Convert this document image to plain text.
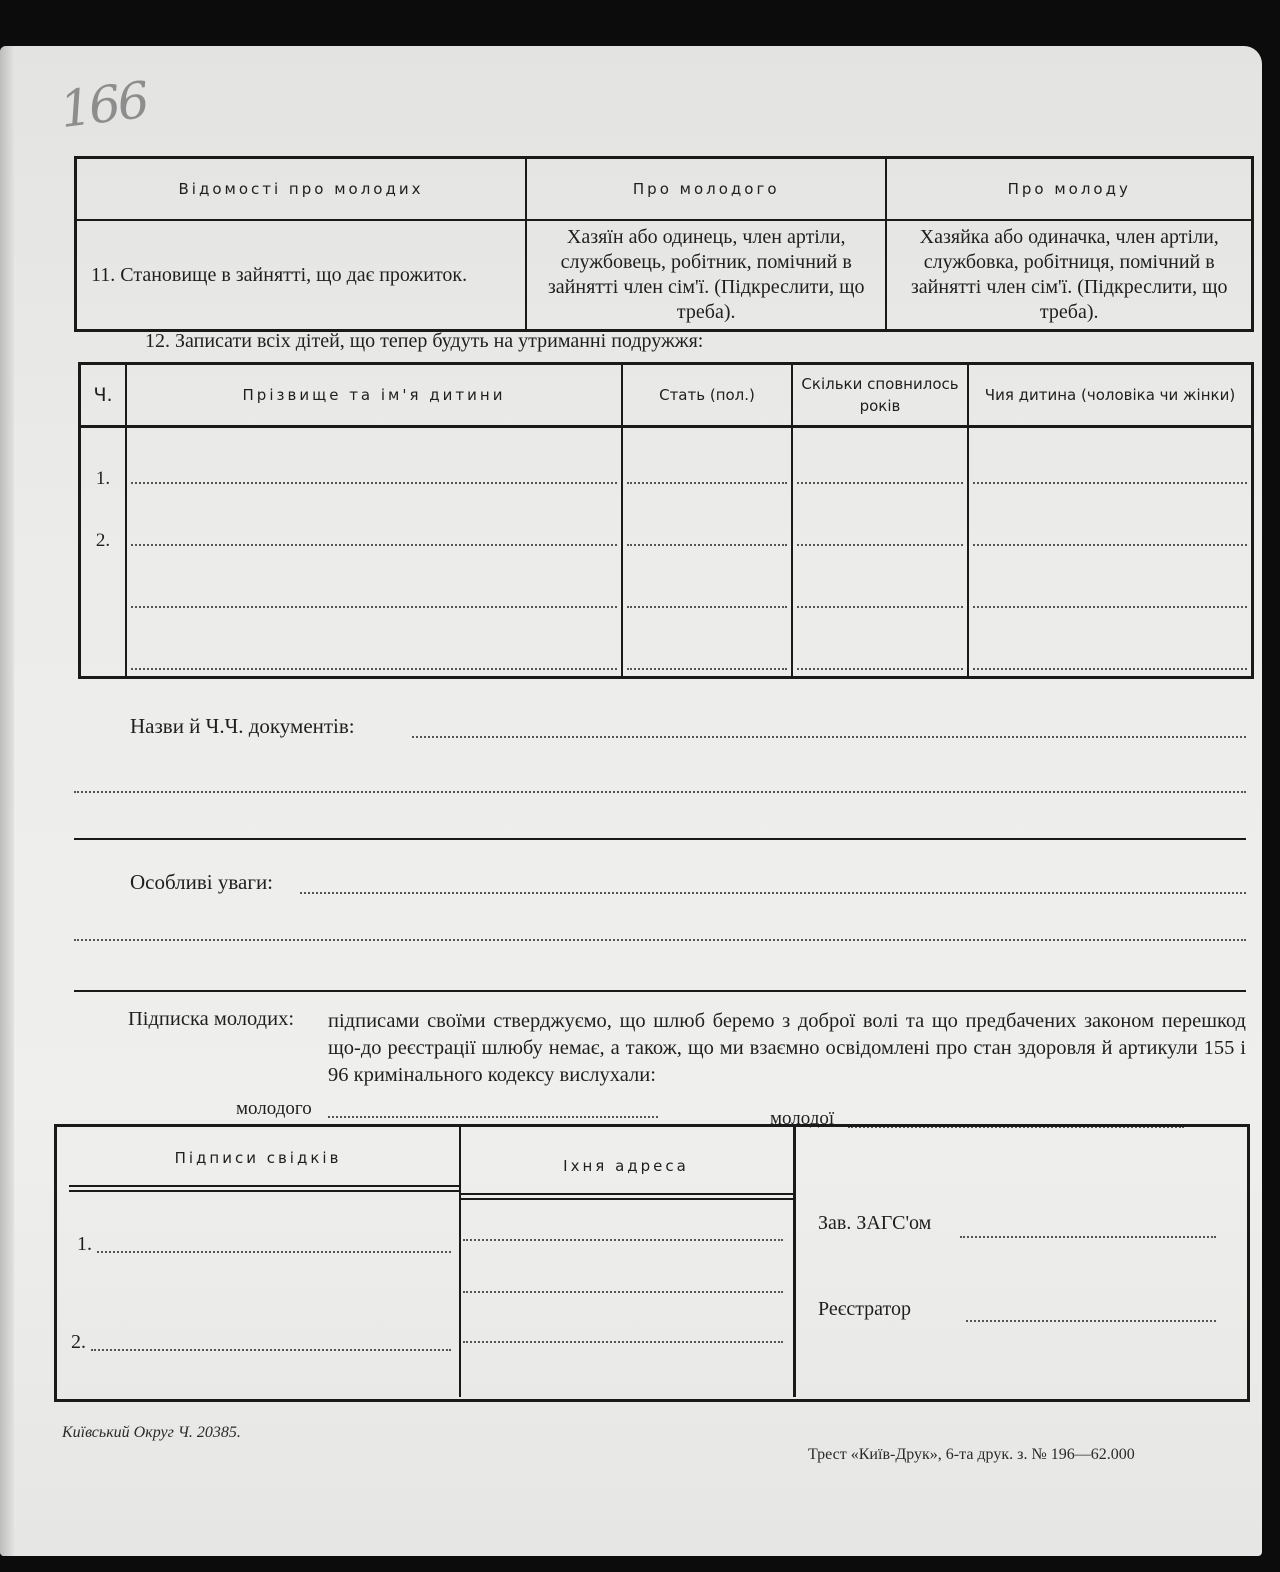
166
Відомості про молодих	Про молодого	Про молоду
11. Становище в зайнятті, що дає прожиток.	Хазяїн або одинець, член артіли, службовець, робітник, помічний в зайнятті член сім'ї. (Підкреслити, що треба).	Хазяйка або одиначка, член артіли, службовка, робітниця, помічний в зайнятті член сім'ї. (Підкреслити, що треба).
12. Записати всіх дітей, що тепер будуть на утриманні подружжя:
Ч.	Прізвище та ім'я дитини	Стать (пол.)	Скільки сповнилось років	Чия дитина (чоловіка чи жінки)
1.	

2.	

Назви й Ч.Ч. документів:
Особливі уваги:
Підписка молодих: підписами своїми стверджуємо, що шлюб беремо з доброї волі та що предбачених законом перешкод що-до реєстрації шлюбу немає, а також, що ми взаємно освідомлені про стан здоровля й артикули 155 і 96 кримінального кодексу вислухали:
молодого	молодої
Підписи свідків
1.
2.
Іхня адреса
Зав. ЗАГС'ом
Реєстратор
Київський Округ Ч. 20385.
Трест «Київ-Друк», 6-та друк. з. № 196—62.000
